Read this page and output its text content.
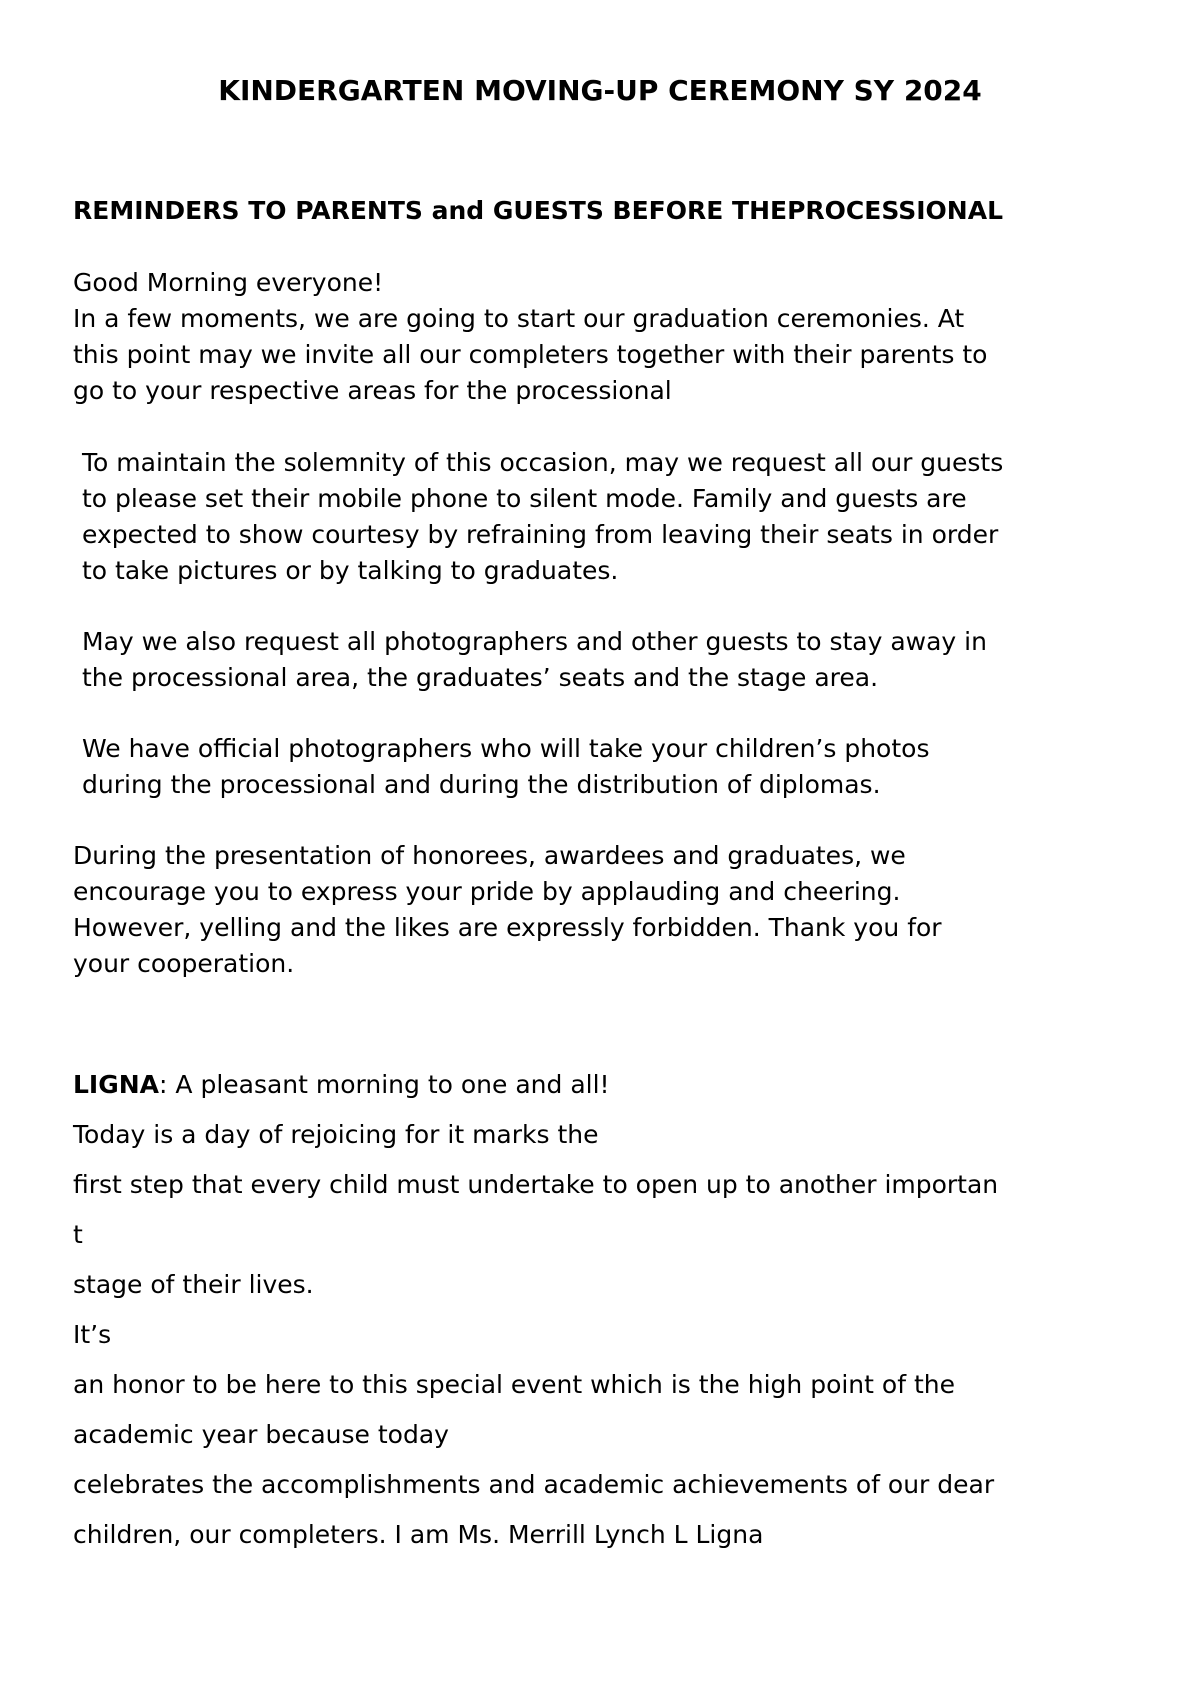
KINDERGARTEN MOVING-UP CEREMONY SY 2024

REMINDERS TO PARENTS and GUESTS BEFORE THEPROCESSIONAL

Good Morning everyone!

In a few moments, we are going to start our graduation ceremonies. At

this point may we invite all our completers together with their parents to

go to your respective areas for the processional

To maintain the solemnity of this occasion, may we request all our guests

to please set their mobile phone to silent mode. Family and guests are

expected to show courtesy by refraining from leaving their seats in order

to take pictures or by talking to graduates.

May we also request all photographers and other guests to stay away in

the processional area, the graduates’ seats and the stage area.

We have official photographers who will take your children’s photos

during the processional and during the distribution of diplomas.

During the presentation of honorees, awardees and graduates, we

encourage you to express your pride by applauding and cheering.

However, yelling and the likes are expressly forbidden. Thank you for

your cooperation.

LIGNA: A pleasant morning to one and all!

Today is a day of rejoicing for it marks the

first step that every child must undertake to open up to another importan

t

stage of their lives.

It’s

an honor to be here to this special event which is the high point of the

academic year because today

celebrates the accomplishments and academic achievements of our dear

children, our completers. I am Ms. Merrill Lynch L Ligna
